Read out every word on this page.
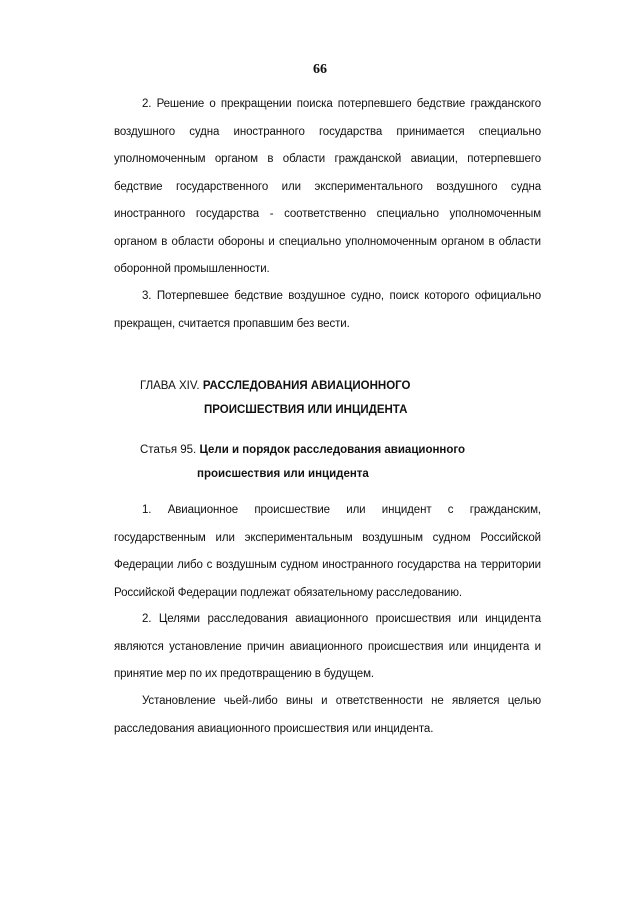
66

2. Решение о прекращении поиска потерпевшего бедствие гражданского воздушного судна иностранного государства принимается специально уполномоченным органом в области гражданской авиации, потерпевшего бедствие государственного или экспериментального воздушного судна иностранного государства - соответственно специально уполномоченным органом в области обороны и специально уполномоченным органом в области оборонной промышленности.

3. Потерпевшее бедствие воздушное судно, поиск которого официально прекращен, считается пропавшим без вести.

ГЛАВА XIV. РАССЛЕДОВАНИЯ АВИАЦИОННОГО
ПРОИСШЕСТВИЯ ИЛИ ИНЦИДЕНТА
Статья 95. Цели и порядок расследования авиационного
происшествия или инцидента

1. Авиационное происшествие или инцидент с гражданским, государственным или экспериментальным воздушным судном Российской Федерации либо с воздушным судном иностранного государства на территории Российской Федерации подлежат обязательному расследованию.

2. Целями расследования авиационного происшествия или инцидента являются установление причин авиационного происшествия или инцидента и принятие мер по их предотвращению в будущем.

Установление чьей-либо вины и ответственности не является целью расследования авиационного происшествия или инцидента.
